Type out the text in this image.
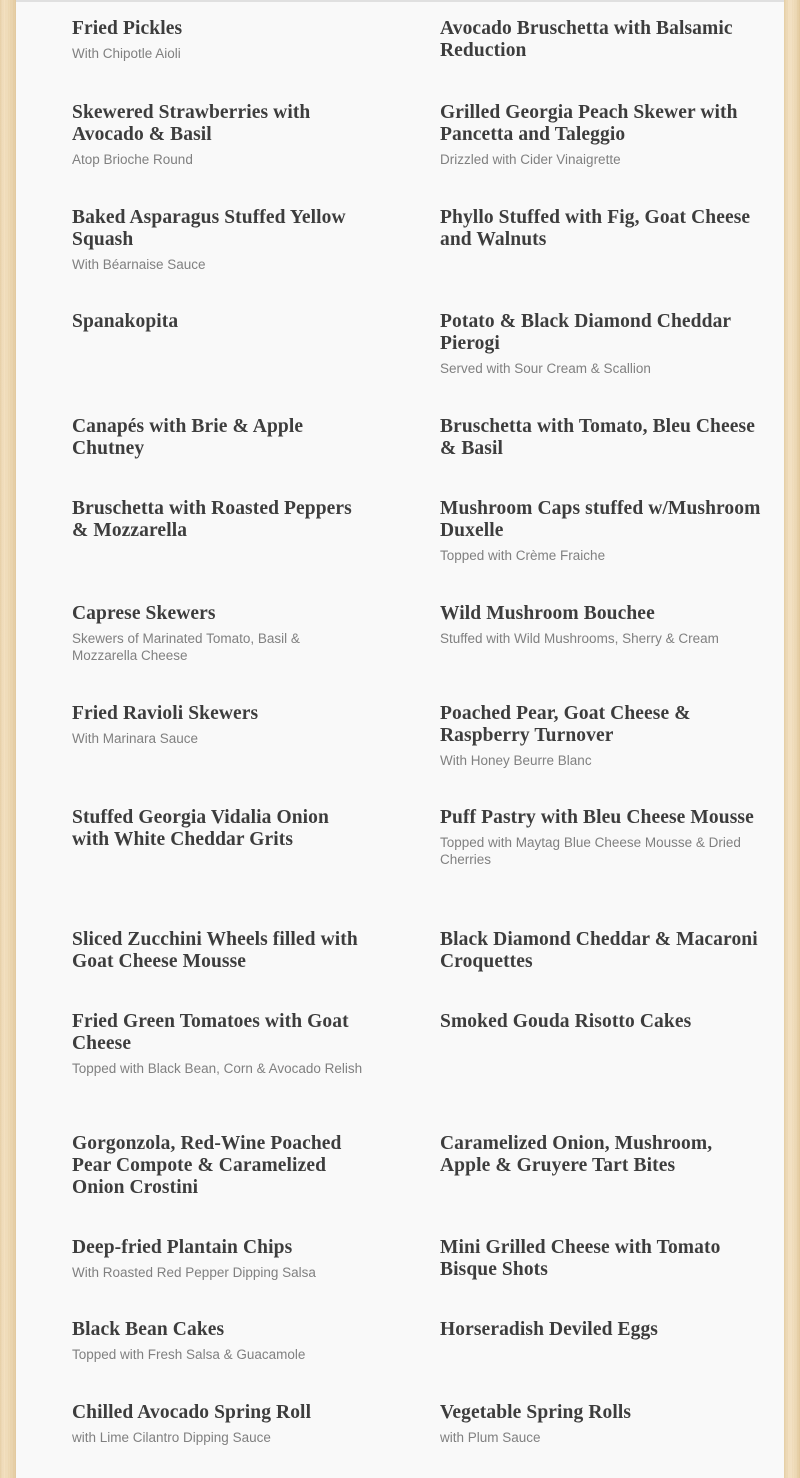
Fried Pickles
With Chipotle Aioli
Avocado Bruschetta with Balsamic Reduction
Skewered Strawberries with Avocado & Basil
Atop Brioche Round
Grilled Georgia Peach Skewer with Pancetta and Taleggio
Drizzled with Cider Vinaigrette
Baked Asparagus Stuffed Yellow Squash
With Béarnaise Sauce
Phyllo Stuffed with Fig, Goat Cheese and Walnuts
Spanakopita	Potato & Black Diamond Cheddar Pierogi
Served with Sour Cream & Scallion
Canapés with Brie & Apple Chutney
Bruschetta with Tomato, Bleu Cheese & Basil
Bruschetta with Roasted Peppers & Mozzarella
Mushroom Caps stuffed w/Mushroom Duxelle
Topped with Crème Fraiche
Caprese Skewers
Skewers of Marinated Tomato, Basil & Mozzarella Cheese
Wild Mushroom Bouchee
Stuffed with Wild Mushrooms, Sherry & Cream
Fried Ravioli Skewers
With Marinara Sauce
Poached Pear, Goat Cheese & Raspberry Turnover
With Honey Beurre Blanc
Stuffed Georgia Vidalia Onion with White Cheddar Grits
Puff Pastry with Bleu Cheese Mousse
Topped with Maytag Blue Cheese Mousse & Dried Cherries
Sliced Zucchini Wheels filled with Goat Cheese Mousse
Black Diamond Cheddar & Macaroni Croquettes
Fried Green Tomatoes with Goat Cheese
Topped with Black Bean, Corn & Avocado Relish
Smoked Gouda Risotto Cakes
Gorgonzola, Red-Wine Poached Pear Compote & Caramelized Onion Crostini
Caramelized Onion, Mushroom, Apple & Gruyere Tart Bites
Deep-fried Plantain Chips
With Roasted Red Pepper Dipping Salsa
Mini Grilled Cheese with Tomato Bisque Shots
Black Bean Cakes
Topped with Fresh Salsa & Guacamole
Horseradish Deviled Eggs
Chilled Avocado Spring Roll
with Lime Cilantro Dipping Sauce
Vegetable Spring Rolls
with Plum Sauce
